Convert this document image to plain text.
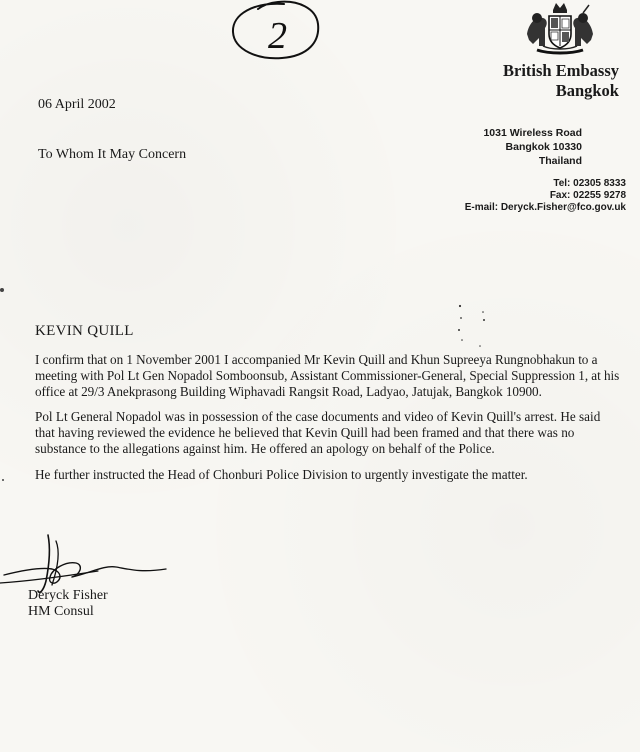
2
British Embassy
Bangkok
1031 Wireless Road
Bangkok 10330
Thailand
Tel: 02305 8333
Fax: 02255 9278
E-mail: Deryck.Fisher@fco.gov.uk
06 April 2002
To Whom It May Concern
KEVIN QUILL

I confirm that on 1 November 2001 I accompanied Mr Kevin Quill and Khun Supreeya Rungnobhakun to a meeting with Pol Lt Gen Nopadol Somboonsub, Assistant Commissioner-General, Special Suppression 1, at his office at 29/3 Anekprasong Building Wiphavadi Rangsit Road, Ladyao, Jatujak, Bangkok 10900.

Pol Lt General Nopadol was in possession of the case documents and video of Kevin Quill's arrest. He said that having reviewed the evidence he believed that Kevin Quill had been framed and that there was no substance to the allegations against him. He offered an apology on behalf of the Police.

He further instructed the Head of Chonburi Police Division to urgently investigate the matter.

Deryck Fisher
HM Consul
